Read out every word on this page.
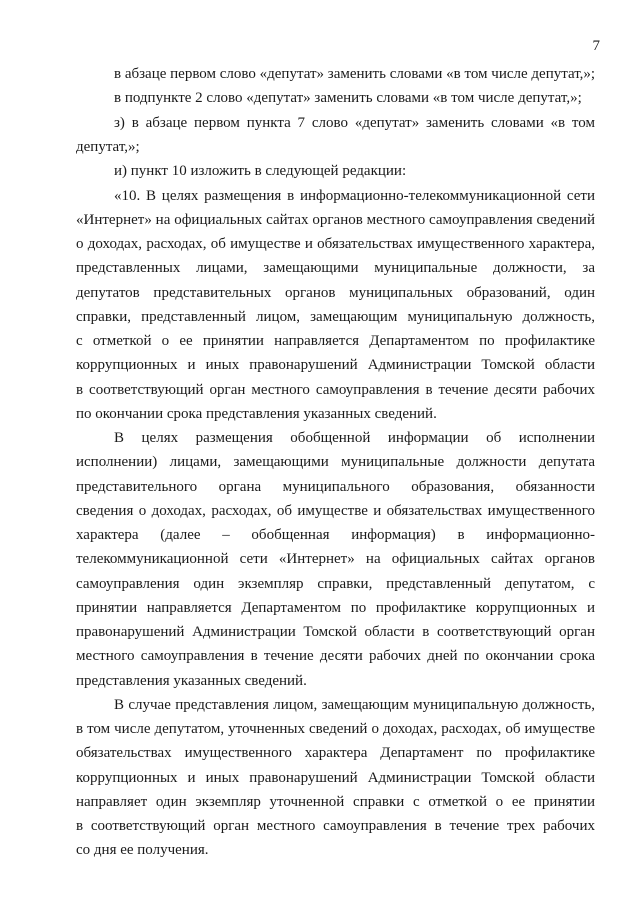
7
в абзаце первом слово «депутат» заменить словами «в том числе депутат,»;
в подпункте 2 слово «депутат» заменить словами «в том числе депутат,»;
з) в абзаце первом пункта 7 слово «депутат» заменить словами «в том
депутат,»;
и) пункт 10 изложить в следующей редакции:
«10. В целях размещения в информационно-телекоммуникационной сети
«Интернет» на официальных сайтах органов местного самоуправления сведений
о доходах, расходах, об имуществе и обязательствах имущественного характера,
представленных лицами, замещающими муниципальные должности, за
депутатов представительных органов муниципальных образований, один
справки, представленный лицом, замещающим муниципальную должность,
с отметкой о ее принятии направляется Департаментом по профилактике
коррупционных и иных правонарушений Администрации Томской области
в соответствующий орган местного самоуправления в течение десяти рабочих
по окончании срока представления указанных сведений.
В целях размещения обобщенной информации об исполнении
исполнении) лицами, замещающими муниципальные должности депутата
представительного органа муниципального образования, обязанности
сведения о доходах, расходах, об имуществе и обязательствах имущественного
характера (далее – обобщенная информация) в информационно-
телекоммуникационной сети «Интернет» на официальных сайтах органов
самоуправления один экземпляр справки, представленный депутатом, с
принятии направляется Департаментом по профилактике коррупционных и
правонарушений Администрации Томской области в соответствующий орган
местного самоуправления в течение десяти рабочих дней по окончании срока
представления указанных сведений.
В случае представления лицом, замещающим муниципальную должность,
в том числе депутатом, уточненных сведений о доходах, расходах, об имуществе
обязательствах имущественного характера Департамент по профилактике
коррупционных и иных правонарушений Администрации Томской области
направляет один экземпляр уточненной справки с отметкой о ее принятии
в соответствующий орган местного самоуправления в течение трех рабочих
со дня ее получения.
